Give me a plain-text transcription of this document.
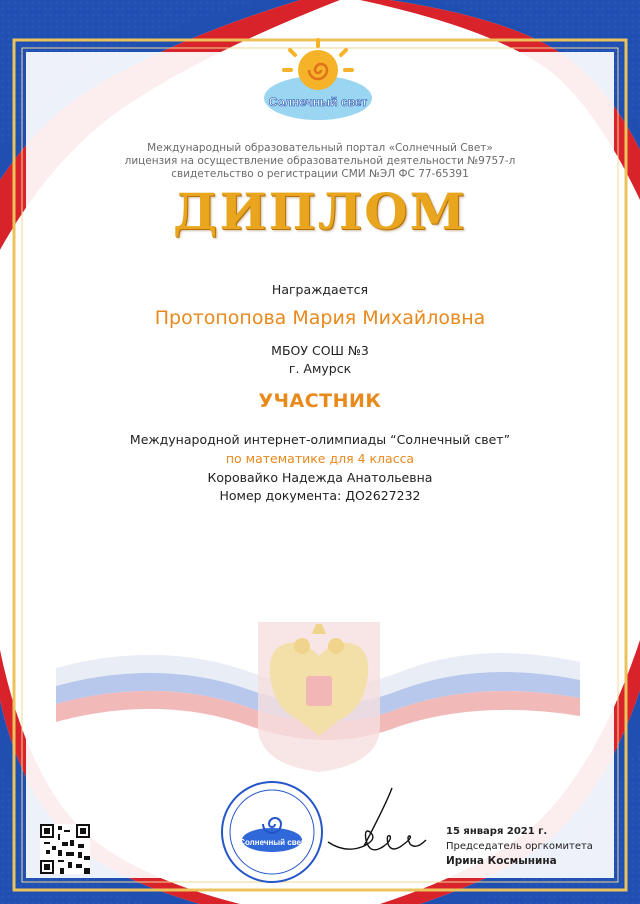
Солнечный свет
Международный образовательный портал «Солнечный Свет»
лицензия на осуществление образовательной деятельности №9757-л
свидетельство о регистрации СМИ №ЭЛ ФС 77-65391
ДИПЛОМ
Награждается
Протопопова Мария Михайловна
МБОУ СОШ №3
г. Амурск
УЧАСТНИК
Международной интернет-олимпиады “Солнечный свет”
по математике для 4 класса
Коровайко Надежда Анатольевна
Номер документа: ДО2627232
Солнечный свет
15 января 2021 г.
Председатель оргкомитета
Ирина Космынина
